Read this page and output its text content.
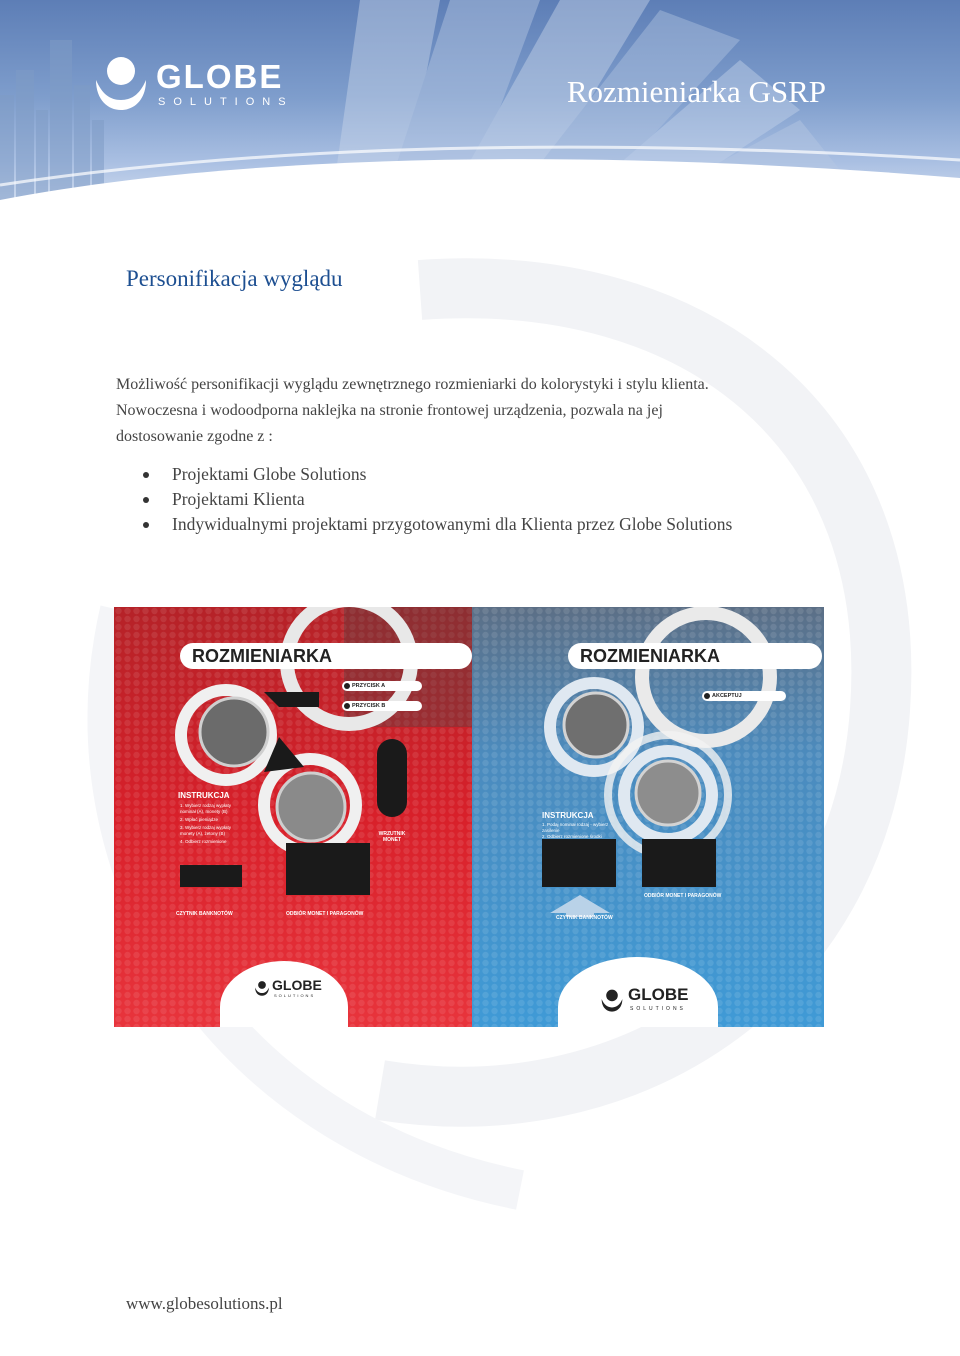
GLOBE
SOLUTIONS	Rozmieniarka GSRP
Personifikacja wyglądu

Możliwość personifikacji wyglądu zewnętrznego rozmieniarki do kolorystyki i stylu klienta.

Nowoczesna i wodoodporna naklejka na stronie frontowej urządzenia, pozwala na jej

dostosowanie zgodne z :

Projektami Globe Solutions
Projektami Klienta
Indywidualnymi projektami przygotowanymi dla Klienta przez Globe Solutions
ROZMIENIARKA
PRZYCISK A
PRZYCISK B
INSTRUKCJA
1. Wybierz rodzaj wypłaty
nominał (A), monety (B)
2. Wpłać pieniądze
3. Wybierz rodzaj wypłaty
monety (A), żetony (B)
4. Odbierz rozmienione
WRZUTNIK
MONET
CZYTNIK BANKNOTÓW	ODBIÓR MONET I PARAGONÓW
GLOBE
SOLUTIONS
ROZMIENIARKA
AKCEPTUJ
INSTRUKCJA
1. Podaj nominał rodzaj - wybierz
zasilenie
2. Odbierz rozmienione środki
CZYTNIK BANKNOTÓW
ODBIÓR MONET I PARAGONÓW
GLOBE
SOLUTIONS
www.globesolutions.pl
